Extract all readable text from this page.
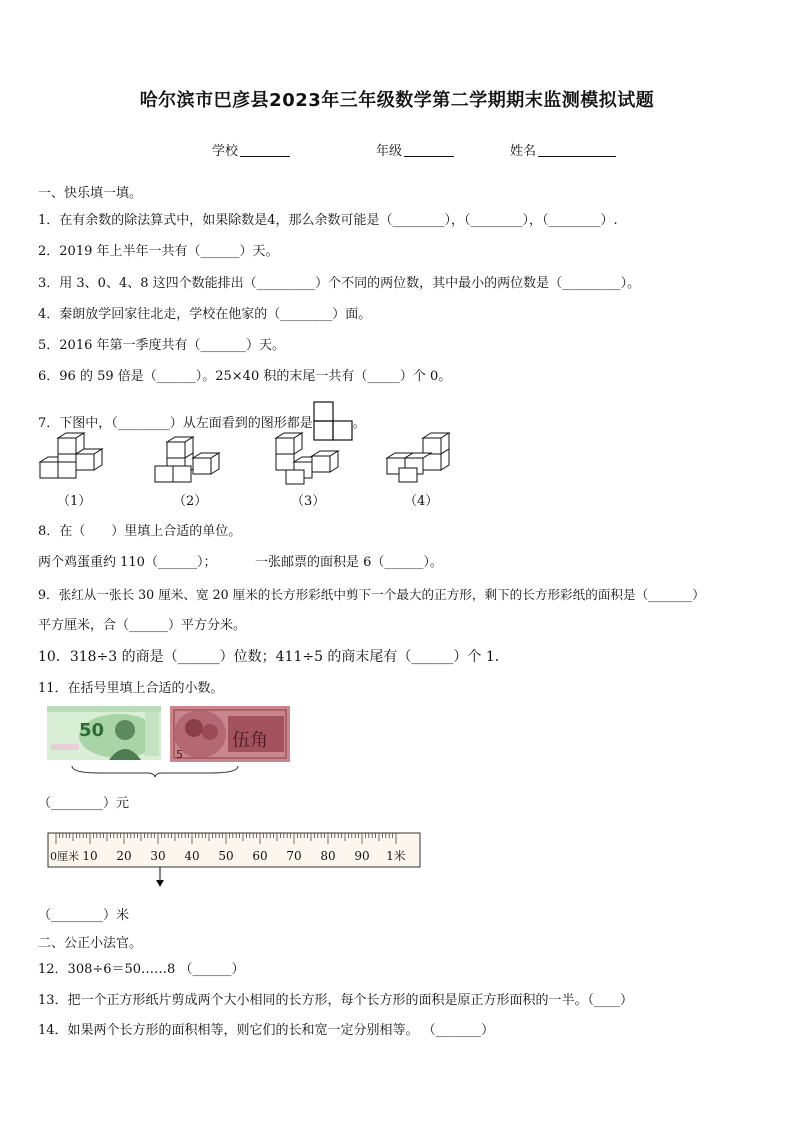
哈尔滨市巴彦县2023年三年级数学第二学期期末监测模拟试题
学校	年级	姓名
一、快乐填一填。
1．在有余数的除法算式中，如果除数是4，那么余数可能是（________），（________），（________）.
2．2019 年上半年一共有（______）天。
3．用 3、0、4、8 这四个数能排出（_________）个不同的两位数，其中最小的两位数是（_________）。
4．秦朗放学回家往北走，学校在他家的（________）面。
5．2016 年第一季度共有（_______）天。
6．96 的 59 倍是（______）。25×40 积的末尾一共有（_____）个 0。
7．下图中，（________）从左面看到的图形都是	。
（1）	（2）	（3）	（4）
8．在（　　）里填上合适的单位。
两个鸡蛋重约 110（______）；	一张邮票的面积是 6（______）。
9．张红从一张长 30 厘米、宽 20 厘米的长方形彩纸中剪下一个最大的正方形，剩下的长方形彩纸的面积是（_______）
平方厘米，合（______）平方分米。
10．318÷3 的商是（______）位数；411÷5 的商末尾有（______）个 1．
11．在括号里填上合适的小数。
50	伍角
5
（________）元
0厘米 10 20 30 40 50 60 70 80 90 1米
（________）米
二、公正小法官。
12．308÷6＝50……8 （______）
13．把一个正方形纸片剪成两个大小相同的长方形，每个长方形的面积是原正方形面积的一半。（____）
14．如果两个长方形的面积相等，则它们的长和宽一定分别相等。 （_______）
